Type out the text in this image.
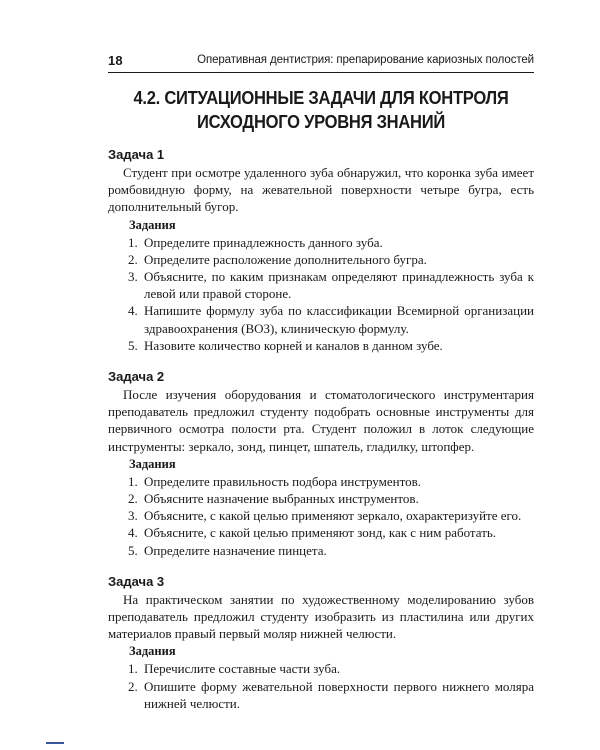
18	Оперативная дентистрия: препарирование кариозных полостей
4.2. СИТУАЦИОННЫЕ ЗАДАЧИ ДЛЯ КОНТРОЛЯ
ИСХОДНОГО УРОВНЯ ЗНАНИЙ
Задача 1

Студент при осмотре удаленного зуба обнаружил, что коронка зуба имеет ромбовидную форму, на жевательной поверхности четыре бугра, есть дополнительный бугор.

Задания
1. Определите принадлежность данного зуба.
2. Определите расположение дополнительного бугра.
3. Объясните, по каким признакам определяют принадлежность зуба к левой или правой стороне.
4. Напишите формулу зуба по классификации Всемирной организации здравоохранения (ВОЗ), клиническую формулу.
5. Назовите количество корней и каналов в данном зубе.
Задача 2

После изучения оборудования и стоматологического инструментария преподаватель предложил студенту подобрать основные инструменты для первичного осмотра полости рта. Студент положил в лоток следующие инструменты: зеркало, зонд, пинцет, шпатель, гладилку, штопфер.

Задания
1. Определите правильность подбора инструментов.
2. Объясните назначение выбранных инструментов.
3. Объясните, с какой целью применяют зеркало, охарактеризуйте его.
4. Объясните, с какой целью применяют зонд, как с ним работать.
5. Определите назначение пинцета.
Задача 3

На практическом занятии по художественному моделированию зубов преподаватель предложил студенту изобразить из пластилина или других материалов правый первый моляр нижней челюсти.

Задания
1. Перечислите составные части зуба.
2. Опишите форму жевательной поверхности первого нижнего моляра нижней челюсти.
